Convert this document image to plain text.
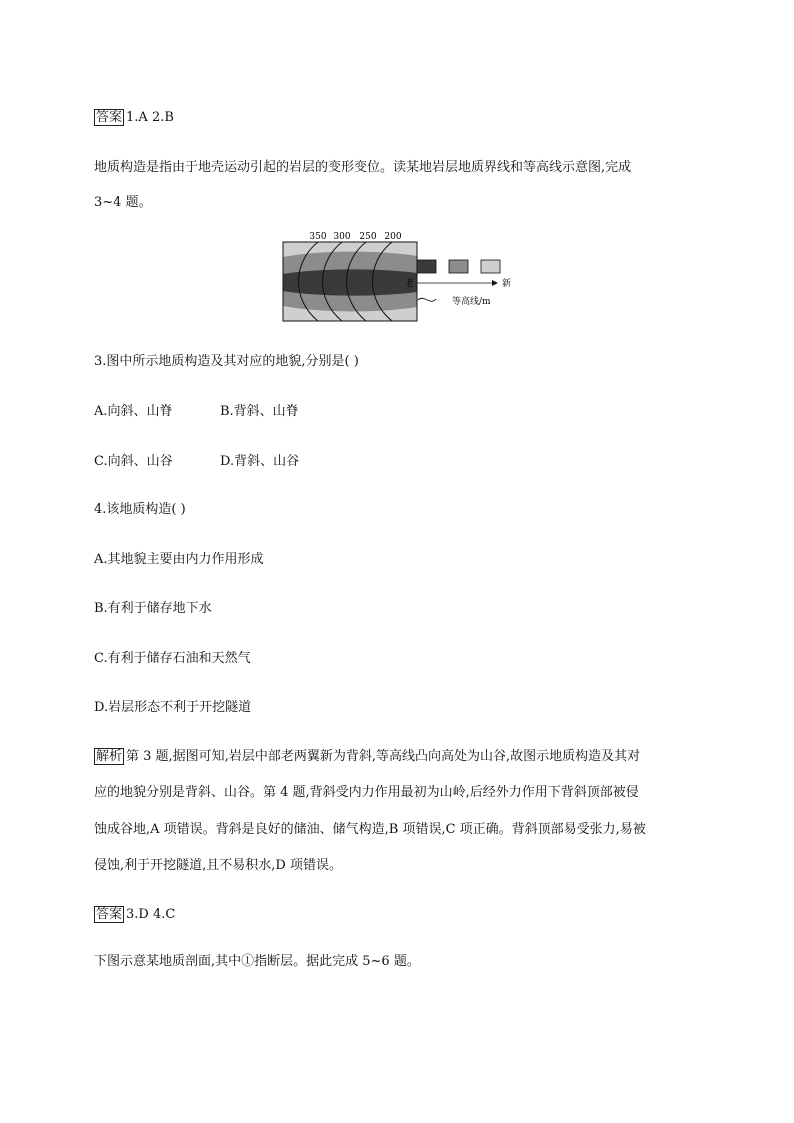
答案 1.A 2.B
地质构造是指由于地壳运动引起的岩层的变形变位。读某地岩层地质界线和等高线示意图,完成
3~4 题。
350 300 250 200
老	新
等高线/m
3.图中所示地质构造及其对应的地貌,分别是( )
A.向斜、山脊	B.背斜、山脊
C.向斜、山谷	D.背斜、山谷
4.该地质构造( )
A.其地貌主要由内力作用形成
B.有利于储存地下水
C.有利于储存石油和天然气
D.岩层形态不利于开挖隧道
解析 第 3 题,据图可知,岩层中部老两翼新为背斜,等高线凸向高处为山谷,故图示地质构造及其对
应的地貌分别是背斜、山谷。第 4 题,背斜受内力作用最初为山岭,后经外力作用下背斜顶部被侵
蚀成谷地,A 项错误。背斜是良好的储油、储气构造,B 项错误,C 项正确。背斜顶部易受张力,易被
侵蚀,利于开挖隧道,且不易积水,D 项错误。
答案 3.D 4.C
下图示意某地质剖面,其中①指断层。据此完成 5~6 题。
